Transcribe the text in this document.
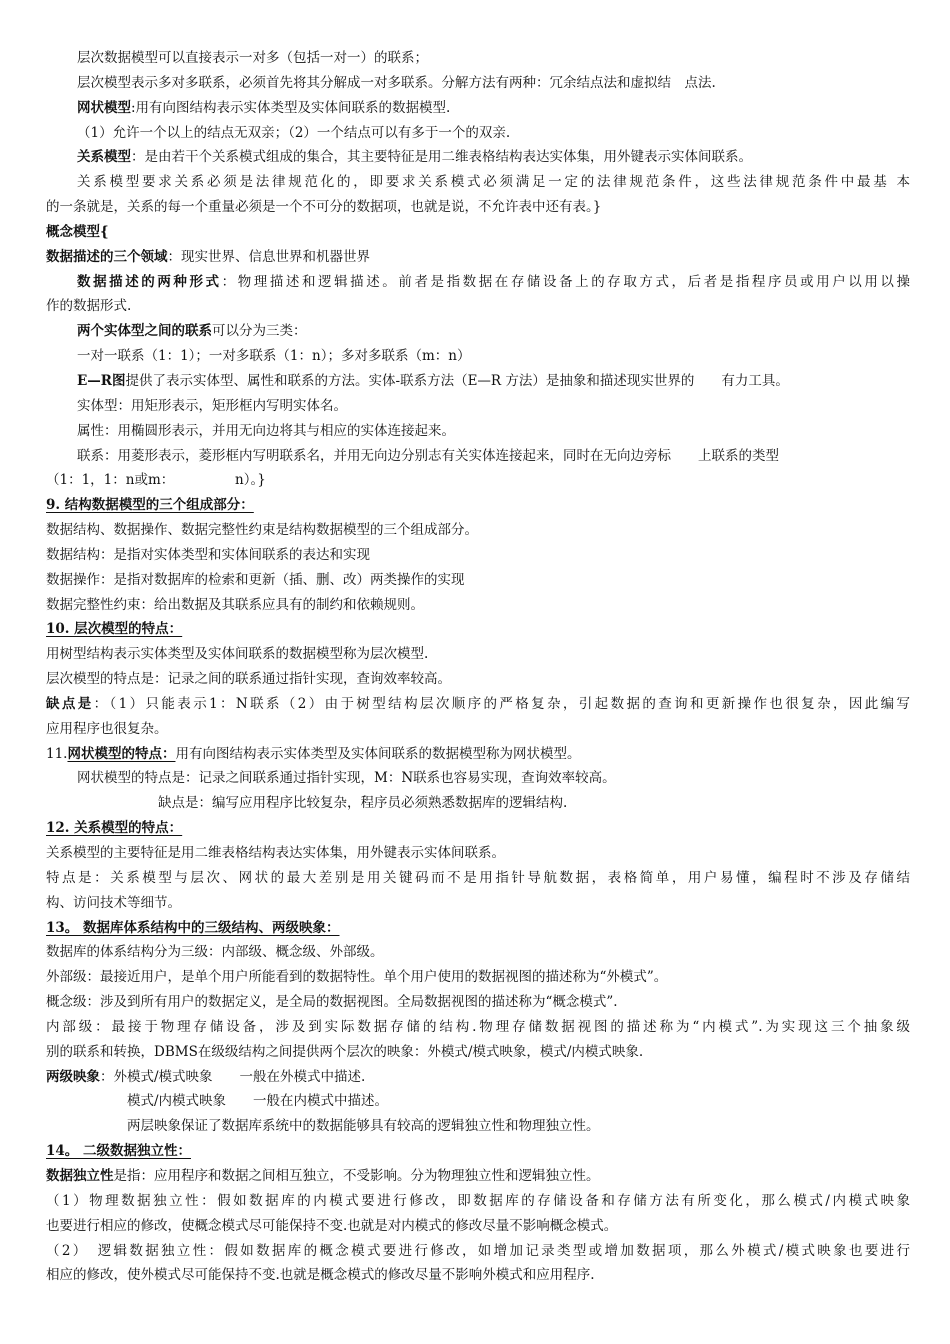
层次数据模型可以直接表示一对多（包括一对一）的联系；
层次模型表示多对多联系，必须首先将其分解成一对多联系。分解方法有两种：冗余结点法和虚拟结　点法.
网状模型:用有向图结构表示实体类型及实体间联系的数据模型.
（1）允许一个以上的结点无双亲；（2）一个结点可以有多于一个的双亲.
关系模型：是由若干个关系模式组成的集合，其主要特征是用二维表格结构表达实体集，用外键表示实体间联系。
关系模型要求关系必须是法律规范化的，即要求关系模式必须满足一定的法律规范条件，这些法律规范条件中最基 本
的一条就是，关系的每一个重量必须是一个不可分的数据项，也就是说，不允许表中还有表。}
概念模型{
数据描述的三个领域：现实世界、信息世界和机器世界
数据描述的两种形式：物理描述和逻辑描述。前者是指数据在存储设备上的存取方式，后者是指程序员或用户以用以操
作的数据形式.
两个实体型之间的联系可以分为三类：
一对一联系（1：1）；一对多联系（1：n）；多对多联系（m：n）
E—R图提供了表示实体型、属性和联系的方法。实体-联系方法（E—R 方法）是抽象和描述现实世界的　　有力工具。
实体型：用矩形表示，矩形框内写明实体名。
属性：用椭圆形表示，并用无向边将其与相应的实体连接起来。
联系：用菱形表示，菱形框内写明联系名，并用无向边分别志有关实体连接起来，同时在无向边旁标　　上联系的类型
（1：1，1：n或m：　　　　　n）。}
9. 结构数据模型的三个组成部分：
数据结构、数据操作、数据完整性约束是结构数据模型的三个组成部分。
数据结构：是指对实体类型和实体间联系的表达和实现
数据操作：是指对数据库的检索和更新（插、删、改）两类操作的实现
数据完整性约束：给出数据及其联系应具有的制约和依赖规则。
10. 层次模型的特点：
用树型结构表示实体类型及实体间联系的数据模型称为层次模型.
层次模型的特点是：记录之间的联系通过指针实现，查询效率较高。
缺点是：（1）只能表示1：N联系（2）由于树型结构层次顺序的严格复杂，引起数据的查询和更新操作也很复杂，因此编写
应用程序也很复杂。
11.网状模型的特点：用有向图结构表示实体类型及实体间联系的数据模型称为网状模型。
网状模型的特点是：记录之间联系通过指针实现，M：N联系也容易实现，查询效率较高。
缺点是：编写应用程序比较复杂，程序员必须熟悉数据库的逻辑结构.
12. 关系模型的特点：
关系模型的主要特征是用二维表格结构表达实体集，用外键表示实体间联系。
特点是：关系模型与层次、网状的最大差别是用关键码而不是用指针导航数据，表格简单，用户易懂，编程时不涉及存储结
构、访问技术等细节。
13。 数据库体系结构中的三级结构、两级映象：
数据库的体系结构分为三级：内部级、概念级、外部级。
外部级：最接近用户，是单个用户所能看到的数据特性。单个用户使用的数据视图的描述称为“外模式”。
概念级：涉及到所有用户的数据定义，是全局的数据视图。全局数据视图的描述称为“概念模式”.
内部级：最接于物理存储设备，涉及到实际数据存储的结构.物理存储数据视图的描述称为“内模式”.为实现这三个抽象级
别的联系和转换，DBMS在级级结构之间提供两个层次的映象：外模式/模式映象，模式/内模式映象.
两级映象：外模式/模式映象　　一般在外模式中描述.
模式/内模式映象　　一般在内模式中描述。
两层映象保证了数据库系统中的数据能够具有较高的逻辑独立性和物理独立性。
14。 二级数据独立性：
数据独立性是指：应用程序和数据之间相互独立，不受影响。分为物理独立性和逻辑独立性。
（1）物理数据独立性：假如数据库的内模式要进行修改，即数据库的存储设备和存储方法有所变化，那么模式/内模式映象
也要进行相应的修改，使概念模式尽可能保持不变.也就是对内模式的修改尽量不影响概念模式。
（2）　逻辑数据独立性：假如数据库的概念模式要进行修改，如增加记录类型或增加数据项，那么外模式/模式映象也要进行
相应的修改，使外模式尽可能保持不变.也就是概念模式的修改尽量不影响外模式和应用程序.
